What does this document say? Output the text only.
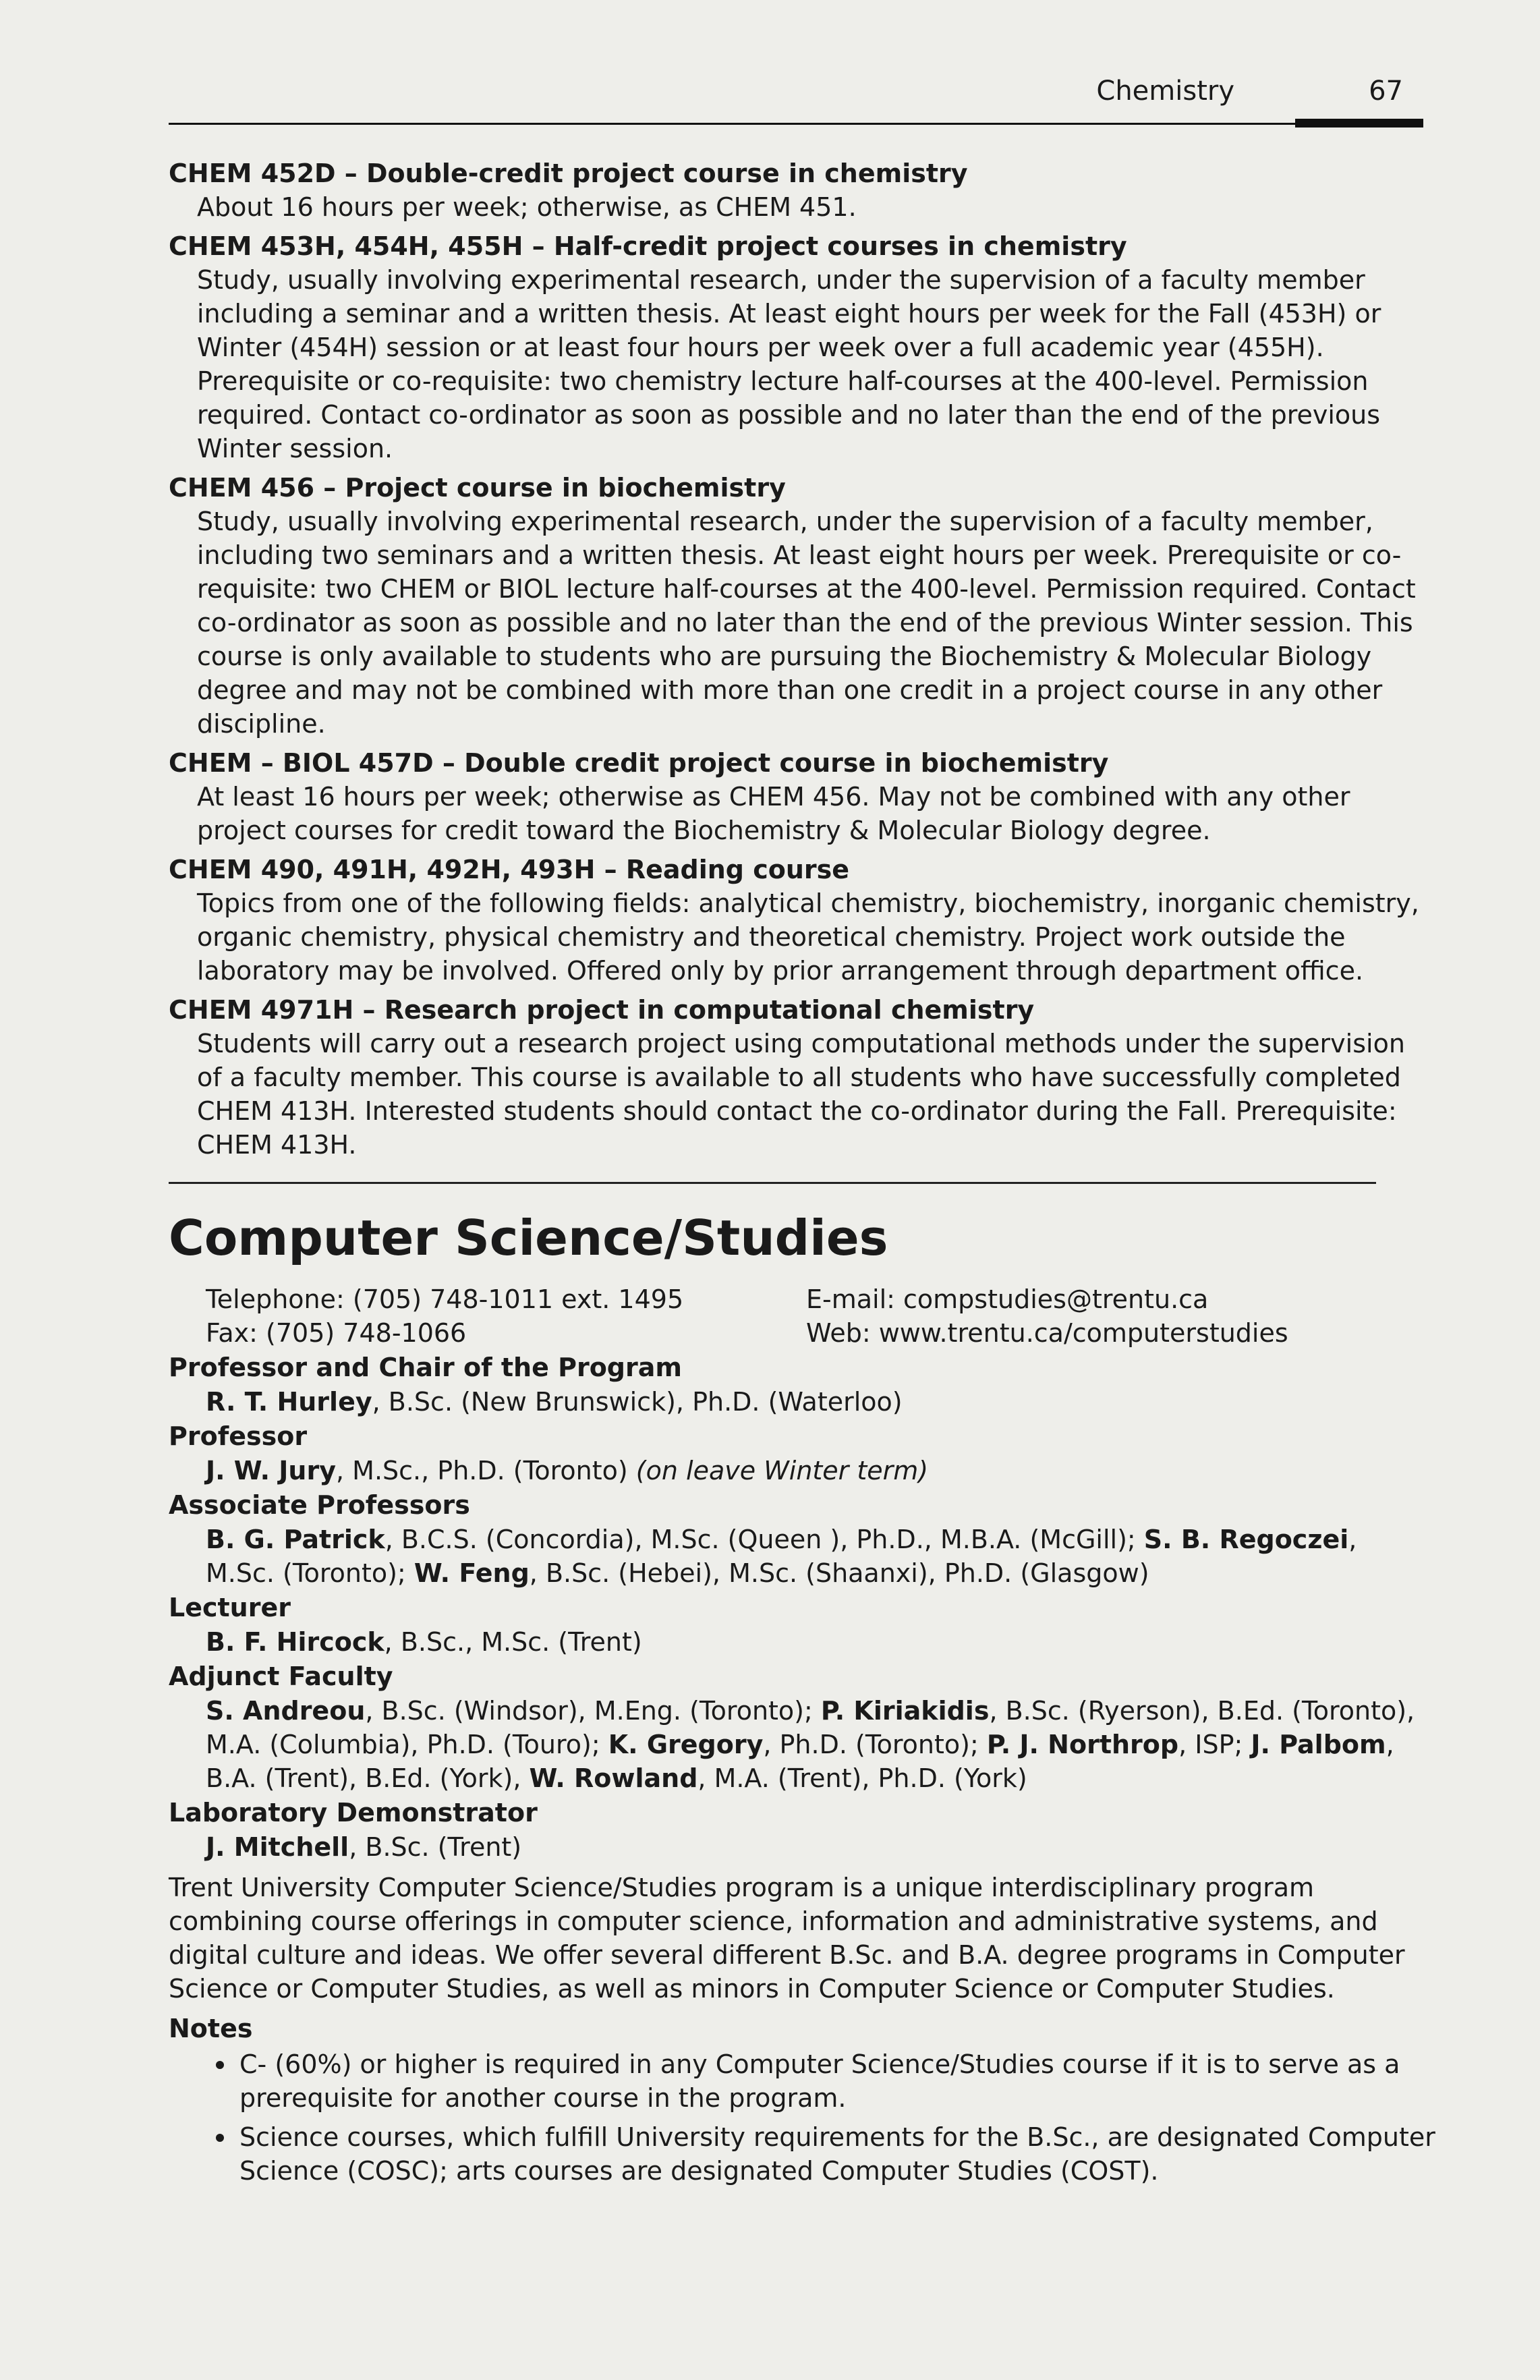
Chemistry	67
CHEM 452D – Double-credit project course in chemistry
About 16 hours per week; otherwise, as CHEM 451.
CHEM 453H, 454H, 455H – Half-credit project courses in chemistry
Study, usually involving experimental research, under the supervision of a faculty member including a seminar and a written thesis. At least eight hours per week for the Fall (453H) or Winter (454H) session or at least four hours per week over a full academic year (455H). Prerequisite or co-requisite: two chemistry lecture half-courses at the 400-level. Permission required. Contact co-ordinator as soon as possible and no later than the end of the previous Winter session.
CHEM 456 – Project course in biochemistry
Study, usually involving experimental research, under the supervision of a faculty member, including two seminars and a written thesis. At least eight hours per week. Prerequisite or co-requisite: two CHEM or BIOL lecture half-courses at the 400-level. Permission required. Contact co-ordinator as soon as possible and no later than the end of the previous Winter session. This course is only available to students who are pursuing the Biochemistry & Molecular Biology degree and may not be combined with more than one credit in a project course in any other discipline.
CHEM – BIOL 457D – Double credit project course in biochemistry
At least 16 hours per week; otherwise as CHEM 456. May not be combined with any other project courses for credit toward the Biochemistry & Molecular Biology degree.
CHEM 490, 491H, 492H, 493H – Reading course
Topics from one of the following fields: analytical chemistry, biochemistry, inorganic chemistry, organic chemistry, physical chemistry and theoretical chemistry. Project work outside the laboratory may be involved. Offered only by prior arrangement through department office.
CHEM 4971H – Research project in computational chemistry
Students will carry out a research project using computational methods under the supervision of a faculty member. This course is available to all students who have successfully completed CHEM 413H. Interested students should contact the co-ordinator during the Fall. Prerequisite: CHEM 413H.
Computer Science/Studies
Telephone: (705) 748-1011 ext. 1495
Fax: (705) 748-1066
E-mail: compstudies@trentu.ca
Web: www.trentu.ca/computerstudies
Professor and Chair of the Program
R. T. Hurley, B.Sc. (New Brunswick), Ph.D. (Waterloo)
Professor
J. W. Jury, M.Sc., Ph.D. (Toronto) (on leave Winter term)
Associate Professors
B. G. Patrick, B.C.S. (Concordia), M.Sc. (Queen ), Ph.D., M.B.A. (McGill); S. B. Regoczei, M.Sc. (Toronto); W. Feng, B.Sc. (Hebei), M.Sc. (Shaanxi), Ph.D. (Glasgow)
Lecturer
B. F. Hircock, B.Sc., M.Sc. (Trent)
Adjunct Faculty
S. Andreou, B.Sc. (Windsor), M.Eng. (Toronto); P. Kiriakidis, B.Sc. (Ryerson), B.Ed. (Toronto), M.A. (Columbia), Ph.D. (Touro); K. Gregory, Ph.D. (Toronto); P. J. Northrop, ISP; J. Palbom, B.A. (Trent), B.Ed. (York), W. Rowland, M.A. (Trent), Ph.D. (York)
Laboratory Demonstrator
J. Mitchell, B.Sc. (Trent)
Trent University Computer Science/Studies program is a unique interdisciplinary program combining course offerings in computer science, information and administrative systems, and digital culture and ideas. We offer several different B.Sc. and B.A. degree programs in Computer Science or Computer Studies, as well as minors in Computer Science or Computer Studies.
Notes
C- (60%) or higher is required in any Computer Science/Studies course if it is to serve as a prerequisite for another course in the program.
Science courses, which fulfill University requirements for the B.Sc., are designated Computer Science (COSC); arts courses are designated Computer Studies (COST).
